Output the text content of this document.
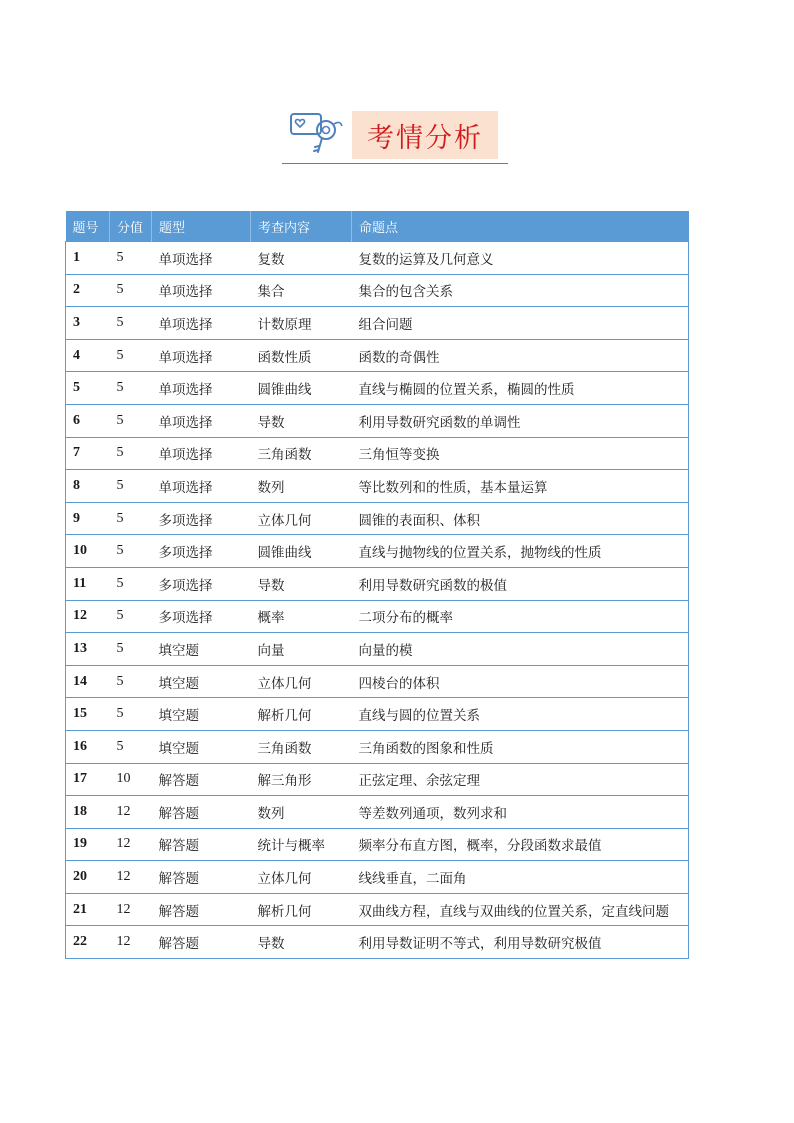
考情分析
题号	分值	题型	考查内容	命题点
1	5	单项选择	复数	复数的运算及几何意义
2	5	单项选择	集合	集合的包含关系
3	5	单项选择	计数原理	组合问题
4	5	单项选择	函数性质	函数的奇偶性
5	5	单项选择	圆锥曲线	直线与椭圆的位置关系，椭圆的性质
6	5	单项选择	导数	利用导数研究函数的单调性
7	5	单项选择	三角函数	三角恒等变换
8	5	单项选择	数列	等比数列和的性质，基本量运算
9	5	多项选择	立体几何	圆锥的表面积、体积
10	5	多项选择	圆锥曲线	直线与抛物线的位置关系，抛物线的性质
11	5	多项选择	导数	利用导数研究函数的极值
12	5	多项选择	概率	二项分布的概率
13	5	填空题	向量	向量的模
14	5	填空题	立体几何	四棱台的体积
15	5	填空题	解析几何	直线与圆的位置关系
16	5	填空题	三角函数	三角函数的图象和性质
17	10	解答题	解三角形	正弦定理、余弦定理
18	12	解答题	数列	等差数列通项，数列求和
19	12	解答题	统计与概率	频率分布直方图，概率，分段函数求最值
20	12	解答题	立体几何	线线垂直，二面角
21	12	解答题	解析几何	双曲线方程，直线与双曲线的位置关系，定直线问题
22	12	解答题	导数	利用导数证明不等式，利用导数研究极值
